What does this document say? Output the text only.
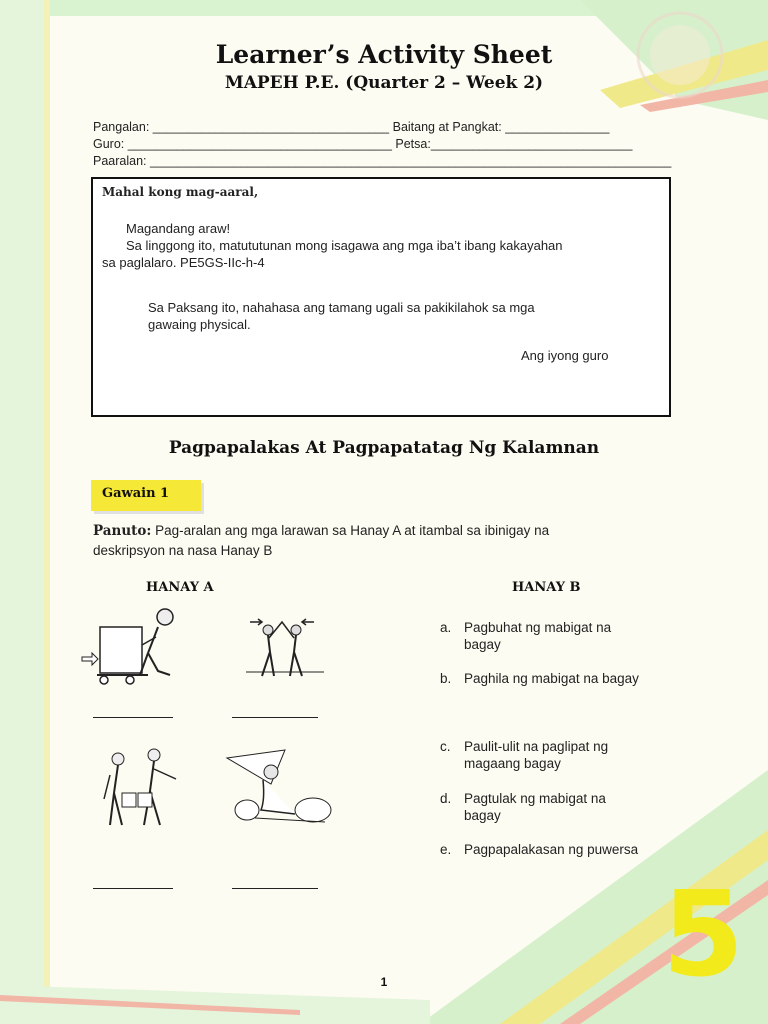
Learner’s Activity Sheet
MAPEH P.E. (Quarter 2 – Week 2)
Pangalan: __________________________________ Baitang at Pangkat: _______________
Guro: ______________________________________ Petsa:_____________________________
Paaralan: ___________________________________________________________________________
Mahal kong mag-aaral,
Magandang araw!
Sa linggong ito, matututunan mong isagawa ang mga iba’t ibang kakayahan
sa paglalaro. PE5GS-IIc-h-4
Sa Paksang ito, nahahasa ang tamang ugali sa pakikilahok sa mga
gawaing physical.
Ang iyong guro
Pagpapalakas At Pagpapatatag Ng Kalamnan
Gawain 1
Panuto: Pag-aralan ang mga larawan sa Hanay A at itambal sa ibinigay na
deskripsyon na nasa Hanay B
HANAY A	HANAY B
a. Pagbuhat ng mabigat na bagay
b. Paghila ng mabigat na bagay
c. Paulit-ulit na paglipat ng magaang bagay
d. Pagtulak ng mabigat na bagay
e. Pagpapalakasan ng puwersa
5
1
